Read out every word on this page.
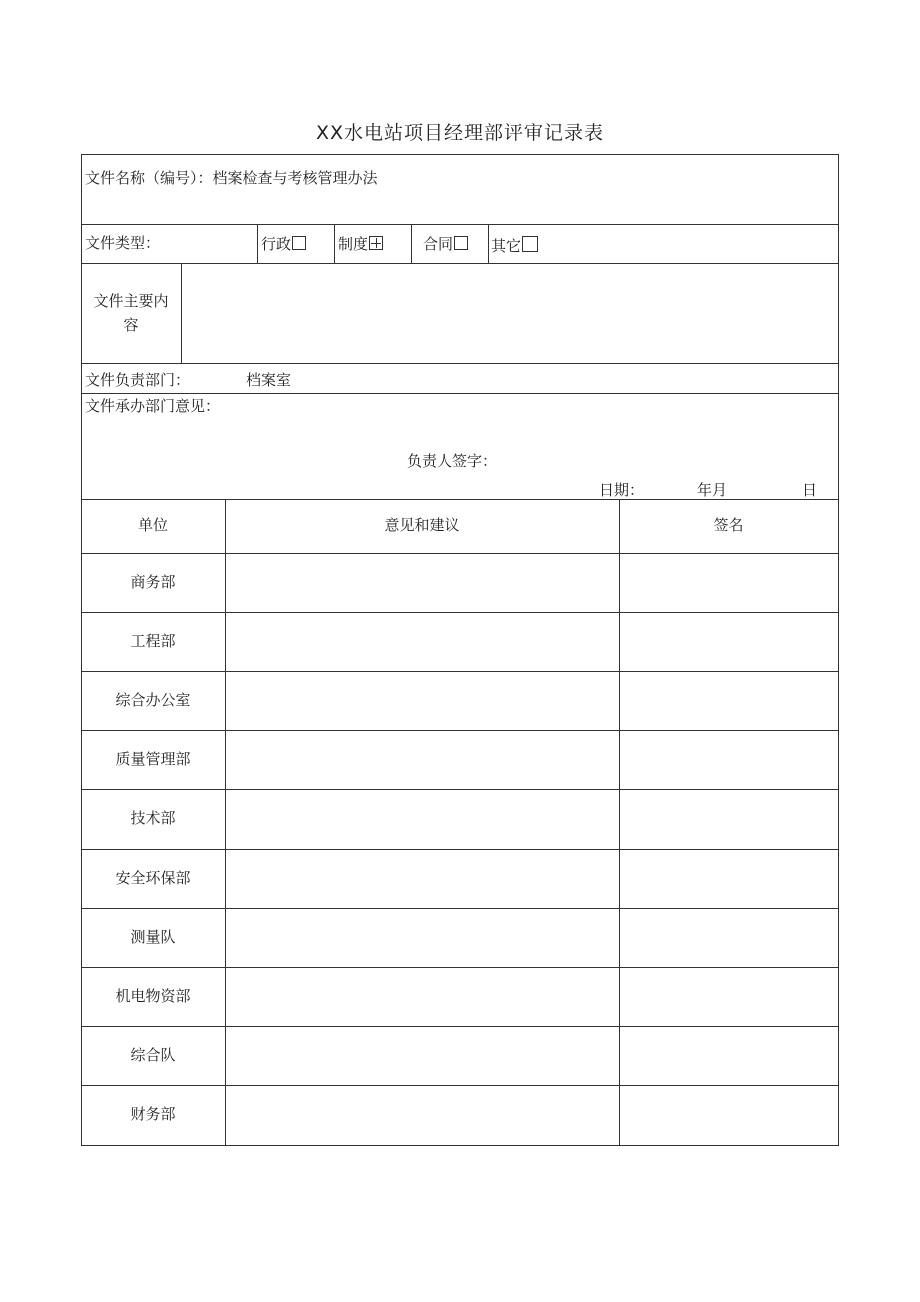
XX水电站项目经理部评审记录表
文件名称（编号）：档案检查与考核管理办法
文件类型：	行政	制度	合同	其它
文件主要内
容
文件负责部门：	档案室
文件承办部门意见：
负责人签字：
日期：	年月	日
单位	意见和建议	签名
商务部
工程部
综合办公室
质量管理部
技术部
安全环保部
测量队
机电物资部
综合队
财务部
